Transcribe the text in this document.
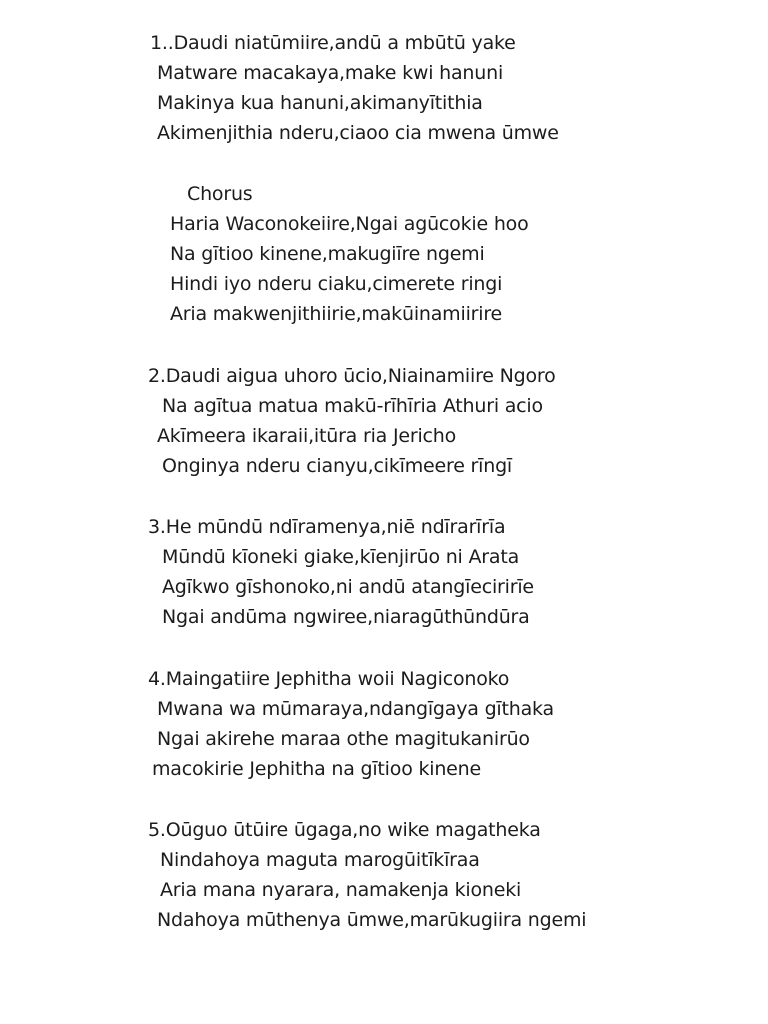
1..Daudi niatūmiire,andū a mbūtū yake
Matware macakaya,make kwi hanuni
Makinya kua hanuni,akimanyītithia
Akimenjithia nderu,ciaoo cia mwena ūmwe
Chorus
Haria Waconokeiire,Ngai agūcokie hoo
Na gītioo kinene,makugiīre ngemi
Hindi iyo nderu ciaku,cimerete ringi
Aria makwenjithiirie,makūinamiirire
2.Daudi aigua uhoro ūcio,Niainamiire Ngoro
Na agītua matua makū-rīhīria Athuri acio
Akīmeera ikaraii,itūra ria Jericho
Onginya nderu cianyu,cikīmeere rīngī
3.He mūndū ndīramenya,niē ndīrarīrīa
Mūndū kīoneki giake,kīenjirūo ni Arata
Agīkwo gīshonoko,ni andū atangīecirirīe
Ngai andūma ngwiree,niaragūthūndūra
4.Maingatiire Jephitha woii Nagiconoko
Mwana wa mūmaraya,ndangīgaya gīthaka
Ngai akirehe maraa othe magitukanirūo
macokirie Jephitha na gītioo kinene
5.Oūguo ūtūire ūgaga,no wike magatheka
Nindahoya maguta marogūitīkīraa
Aria mana nyarara, namakenja kioneki
Ndahoya mūthenya ūmwe,marūkugiira ngemi
